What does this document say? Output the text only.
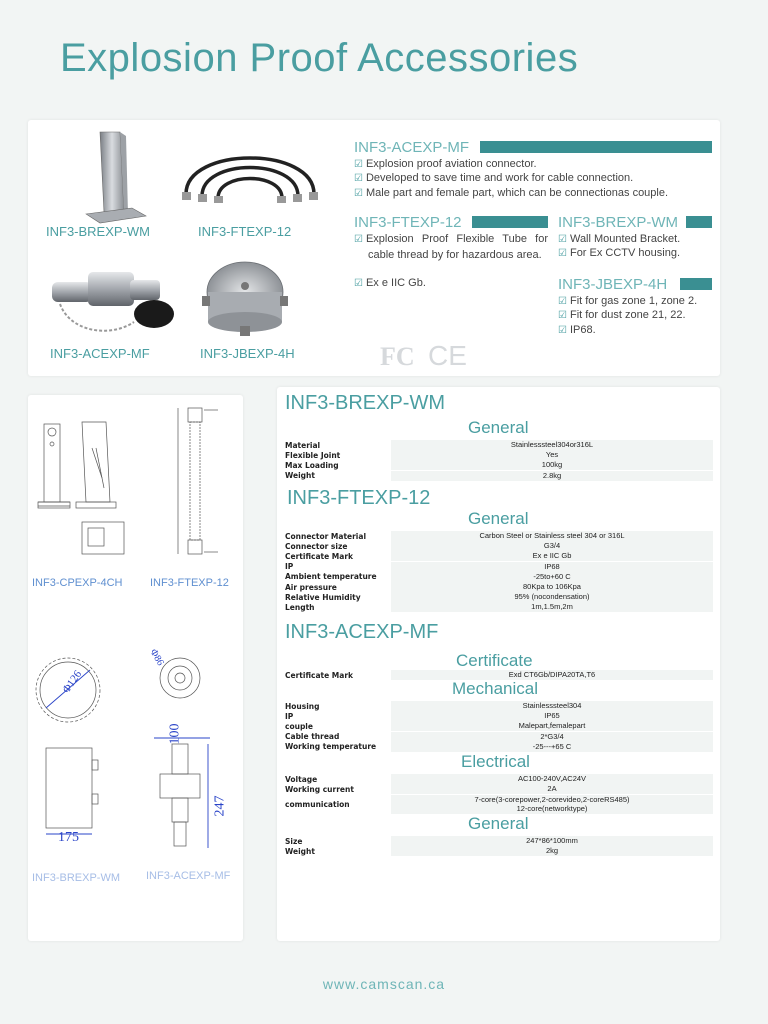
Explosion Proof Accessories
INF3-BREXP-WM	INF3-FTEXP-12
INF3-ACEXP-MF	INF3-JBEXP-4H
INF3-ACEXP-MF
☑ Explosion proof aviation connector.
☑ Developed to save time and work for cable connection.
☑ Male part and female part, which can be connectionas couple.
INF3-FTEXP-12
☑ Explosion Proof Flexible Tube for cable thread by for hazardous area.
☑ Ex e IIC Gb.
INF3-BREXP-WM
☑ Wall Mounted Bracket.
☑ For Ex CCTV housing.
INF3-JBEXP-4H
☑ Fit for gas zone 1, zone 2.
☑ Fit for dust zone 21, 22.
☑ IP68.
FC CE
INF3-CPEXP-4CH	INF3-FTEXP-12
Φ126
175
100
247
Φ86
INF3-BREXP-WM INF3-ACEXP-MF
INF3-BREXP-WM
General
Material	Stainlesssteel304or316L
Flexible Joint	Yes
Max Loading	100kg
Weight	2.8kg
INF3-FTEXP-12
General
Connector Material	Carbon Steel or Stainless steel 304 or 316L
Connector size	G3/4
Certificate Mark	Ex e IIC Gb
IP	IP68
Ambient temperature	-25to+60 C
Air pressure	80Kpa to 106Kpa
Relative Humidity	95% (nocondensation)
Length	1m,1.5m,2m
INF3-ACEXP-MF
Certificate
Certificate Mark	Exd CT6Gb/DIPA20TA,T6
Mechanical
Housing	Stainlesssteel304
IP	IP65
couple	Malepart,femalepart
Cable thread	2*G3/4
Working temperature	-25---+65 C
Electrical
Voltage	AC100-240V,AC24V
Working current	2A
communication
7-core(3-corepower,2-corevideo,2-coreRS485)
12-core(networktype)
General
Size	247*86*100mm
Weight	2kg
www.camscan.ca
